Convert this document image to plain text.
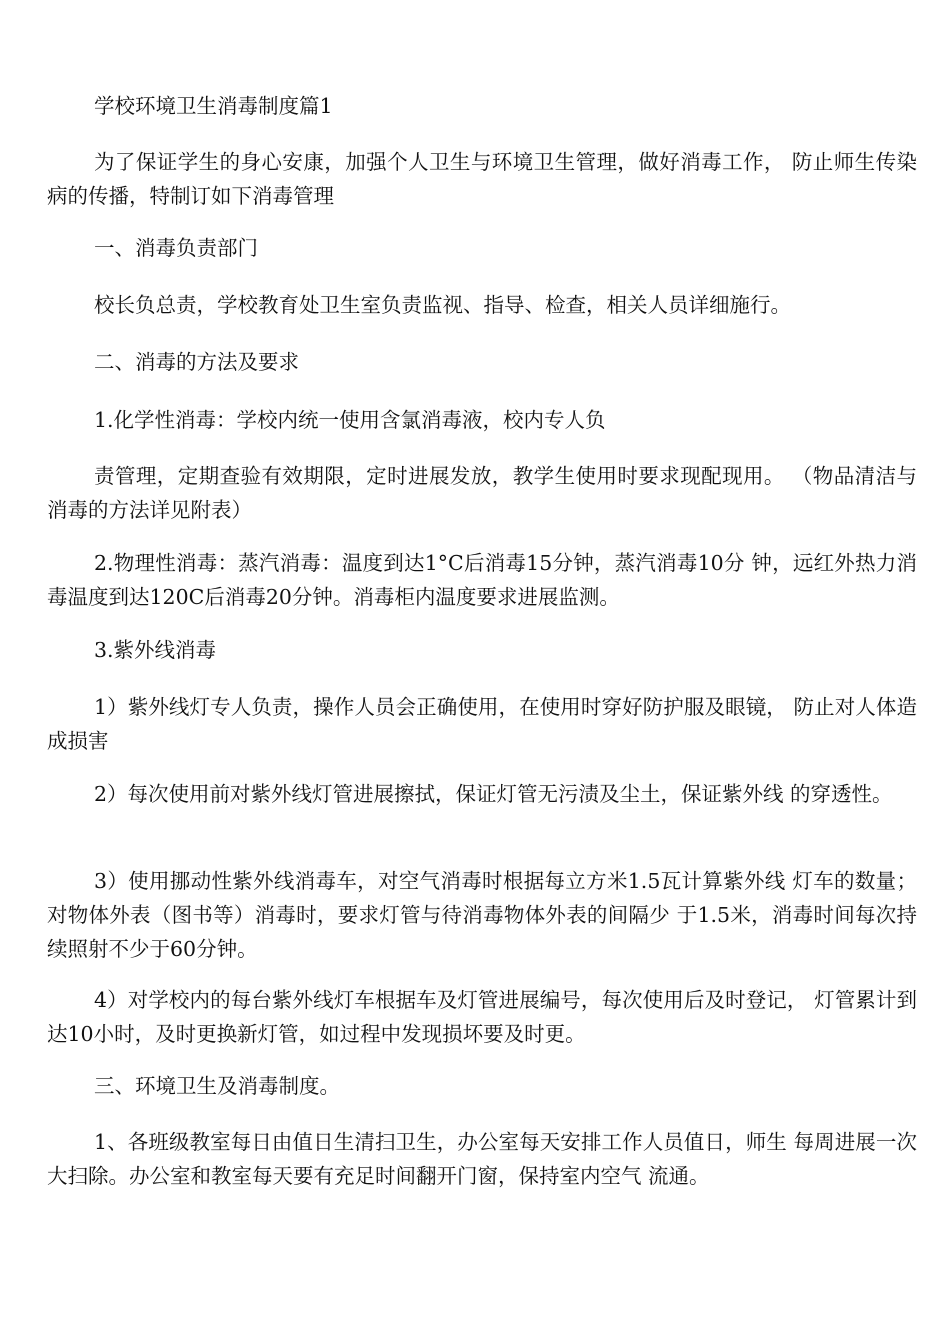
学校环境卫生消毒制度篇1

为了保证学生的身心安康，加强个人卫生与环境卫生管理，做好消毒工作， 防止师生传染病的传播，特制订如下消毒管理

一、消毒负责部门

校长负总责，学校教育处卫生室负责监视、指导、检查，相关人员详细施行。

二、消毒的方法及要求

1.化学性消毒：学校内统一使用含氯消毒液，校内专人负

责管理，定期查验有效期限，定时进展发放，教学生使用时要求现配现用。 （物品清洁与消毒的方法详见附表）

2.物理性消毒：蒸汽消毒：温度到达1°C后消毒15分钟，蒸汽消毒10分 钟，远红外热力消毒温度到达120C后消毒20分钟。消毒柜内温度要求进展监测。

3.紫外线消毒

1）紫外线灯专人负责，操作人员会正确使用，在使用时穿好防护服及眼镜， 防止对人体造成损害

2）每次使用前对紫外线灯管进展擦拭，保证灯管无污渍及尘土，保证紫外线 的穿透性。

3）使用挪动性紫外线消毒车，对空气消毒时根据每立方米1.5瓦计算紫外线 灯车的数量；对物体外表（图书等）消毒时，要求灯管与待消毒物体外表的间隔少 于1.5米，消毒时间每次持续照射不少于60分钟。

4）对学校内的每台紫外线灯车根据车及灯管进展编号，每次使用后及时登记， 灯管累计到达10小时，及时更换新灯管，如过程中发现损坏要及时更。

三、环境卫生及消毒制度。

1、各班级教室每日由值日生清扫卫生，办公室每天安排工作人员值日，师生 每周进展一次大扫除。办公室和教室每天要有充足时间翻开门窗，保持室内空气 流通。
